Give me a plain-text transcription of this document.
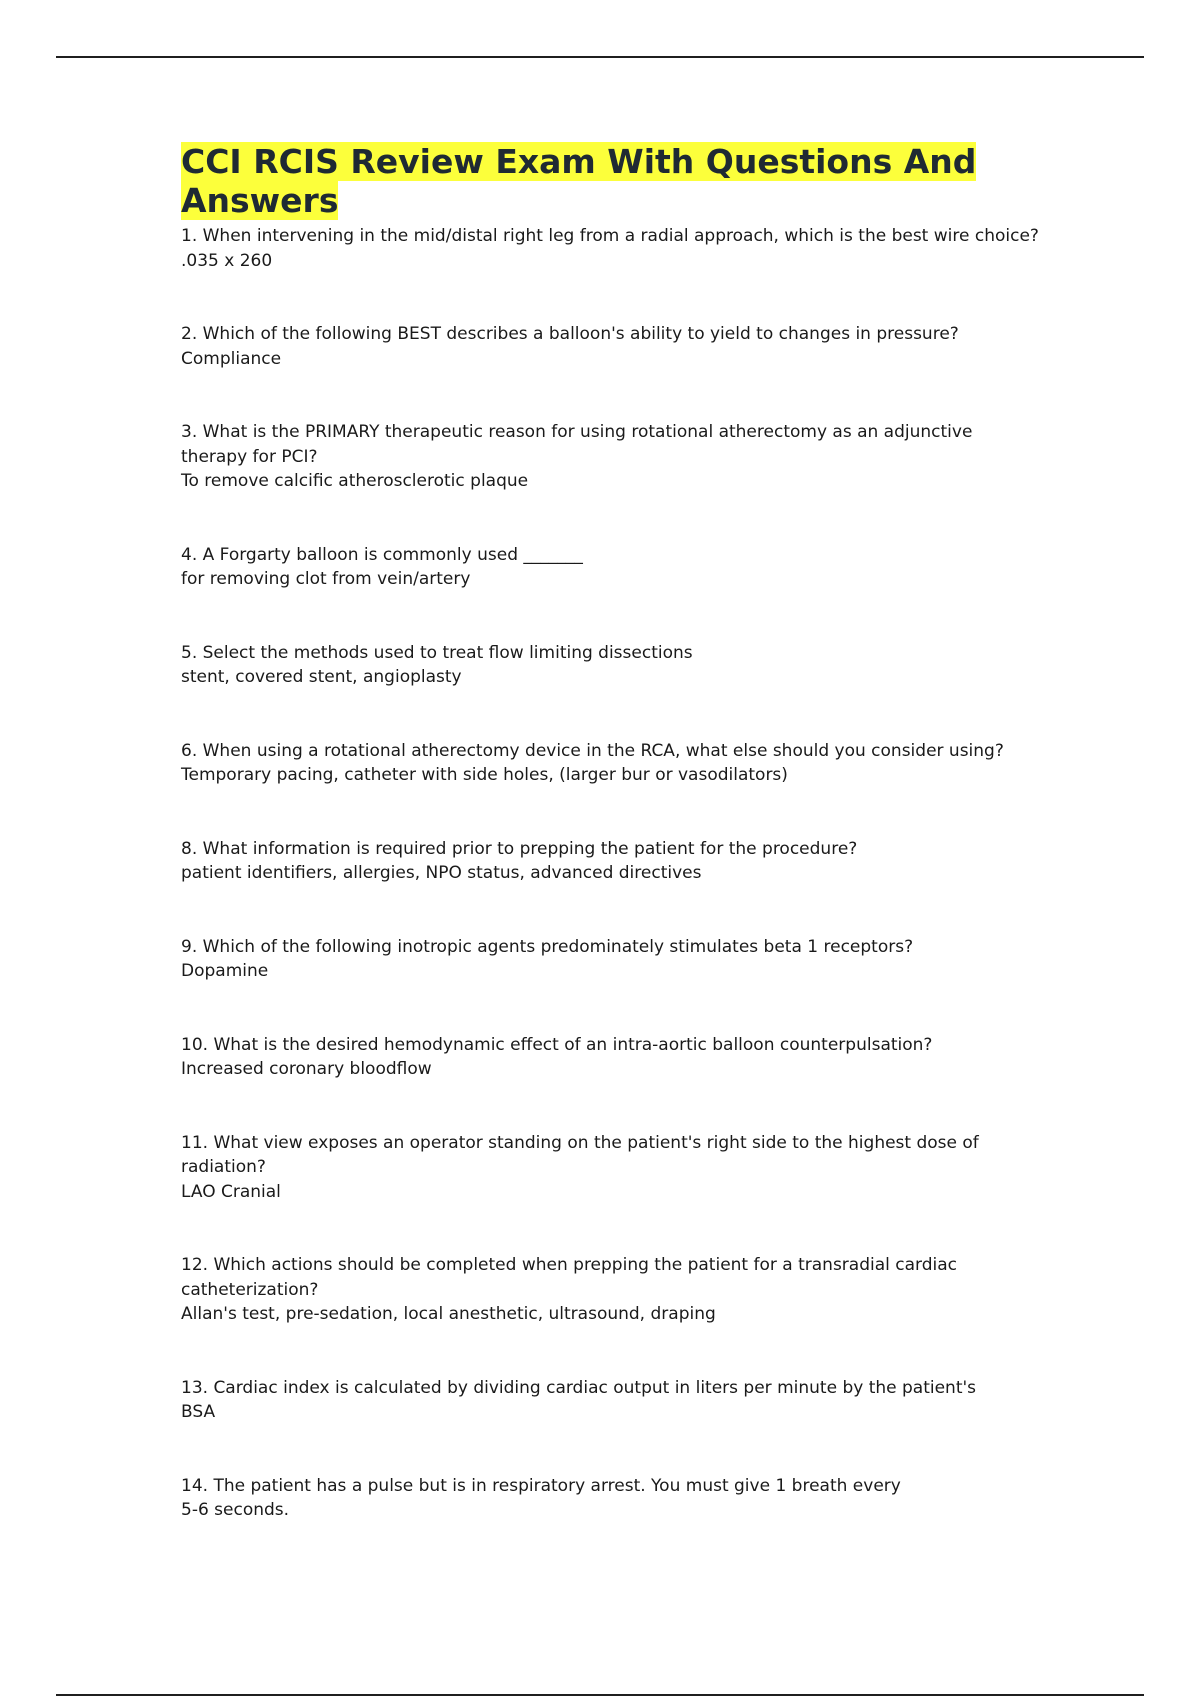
CCI RCIS Review Exam With Questions And Answers

1. When intervening in the mid/distal right leg from a radial approach, which is the best wire choice?

.035 x 260

2. Which of the following BEST describes a balloon's ability to yield to changes in pressure?

Compliance

3. What is the PRIMARY therapeutic reason for using rotational atherectomy as an adjunctive therapy for PCI?

To remove calcific atherosclerotic plaque

4. A Forgarty balloon is commonly used _______

for removing clot from vein/artery

5. Select the methods used to treat flow limiting dissections

stent, covered stent, angioplasty

6. When using a rotational atherectomy device in the RCA, what else should you consider using?

Temporary pacing, catheter with side holes, (larger bur or vasodilators)

8. What information is required prior to prepping the patient for the procedure?

patient identifiers, allergies, NPO status, advanced directives

9. Which of the following inotropic agents predominately stimulates beta 1 receptors?

Dopamine

10. What is the desired hemodynamic effect of an intra-aortic balloon counterpulsation?

Increased coronary bloodflow

11. What view exposes an operator standing on the patient's right side to the highest dose of radiation?

LAO Cranial

12. Which actions should be completed when prepping the patient for a transradial cardiac catheterization?

Allan's test, pre-sedation, local anesthetic, ultrasound, draping

13. Cardiac index is calculated by dividing cardiac output in liters per minute by the patient's

BSA

14. The patient has a pulse but is in respiratory arrest. You must give 1 breath every

5-6 seconds.
